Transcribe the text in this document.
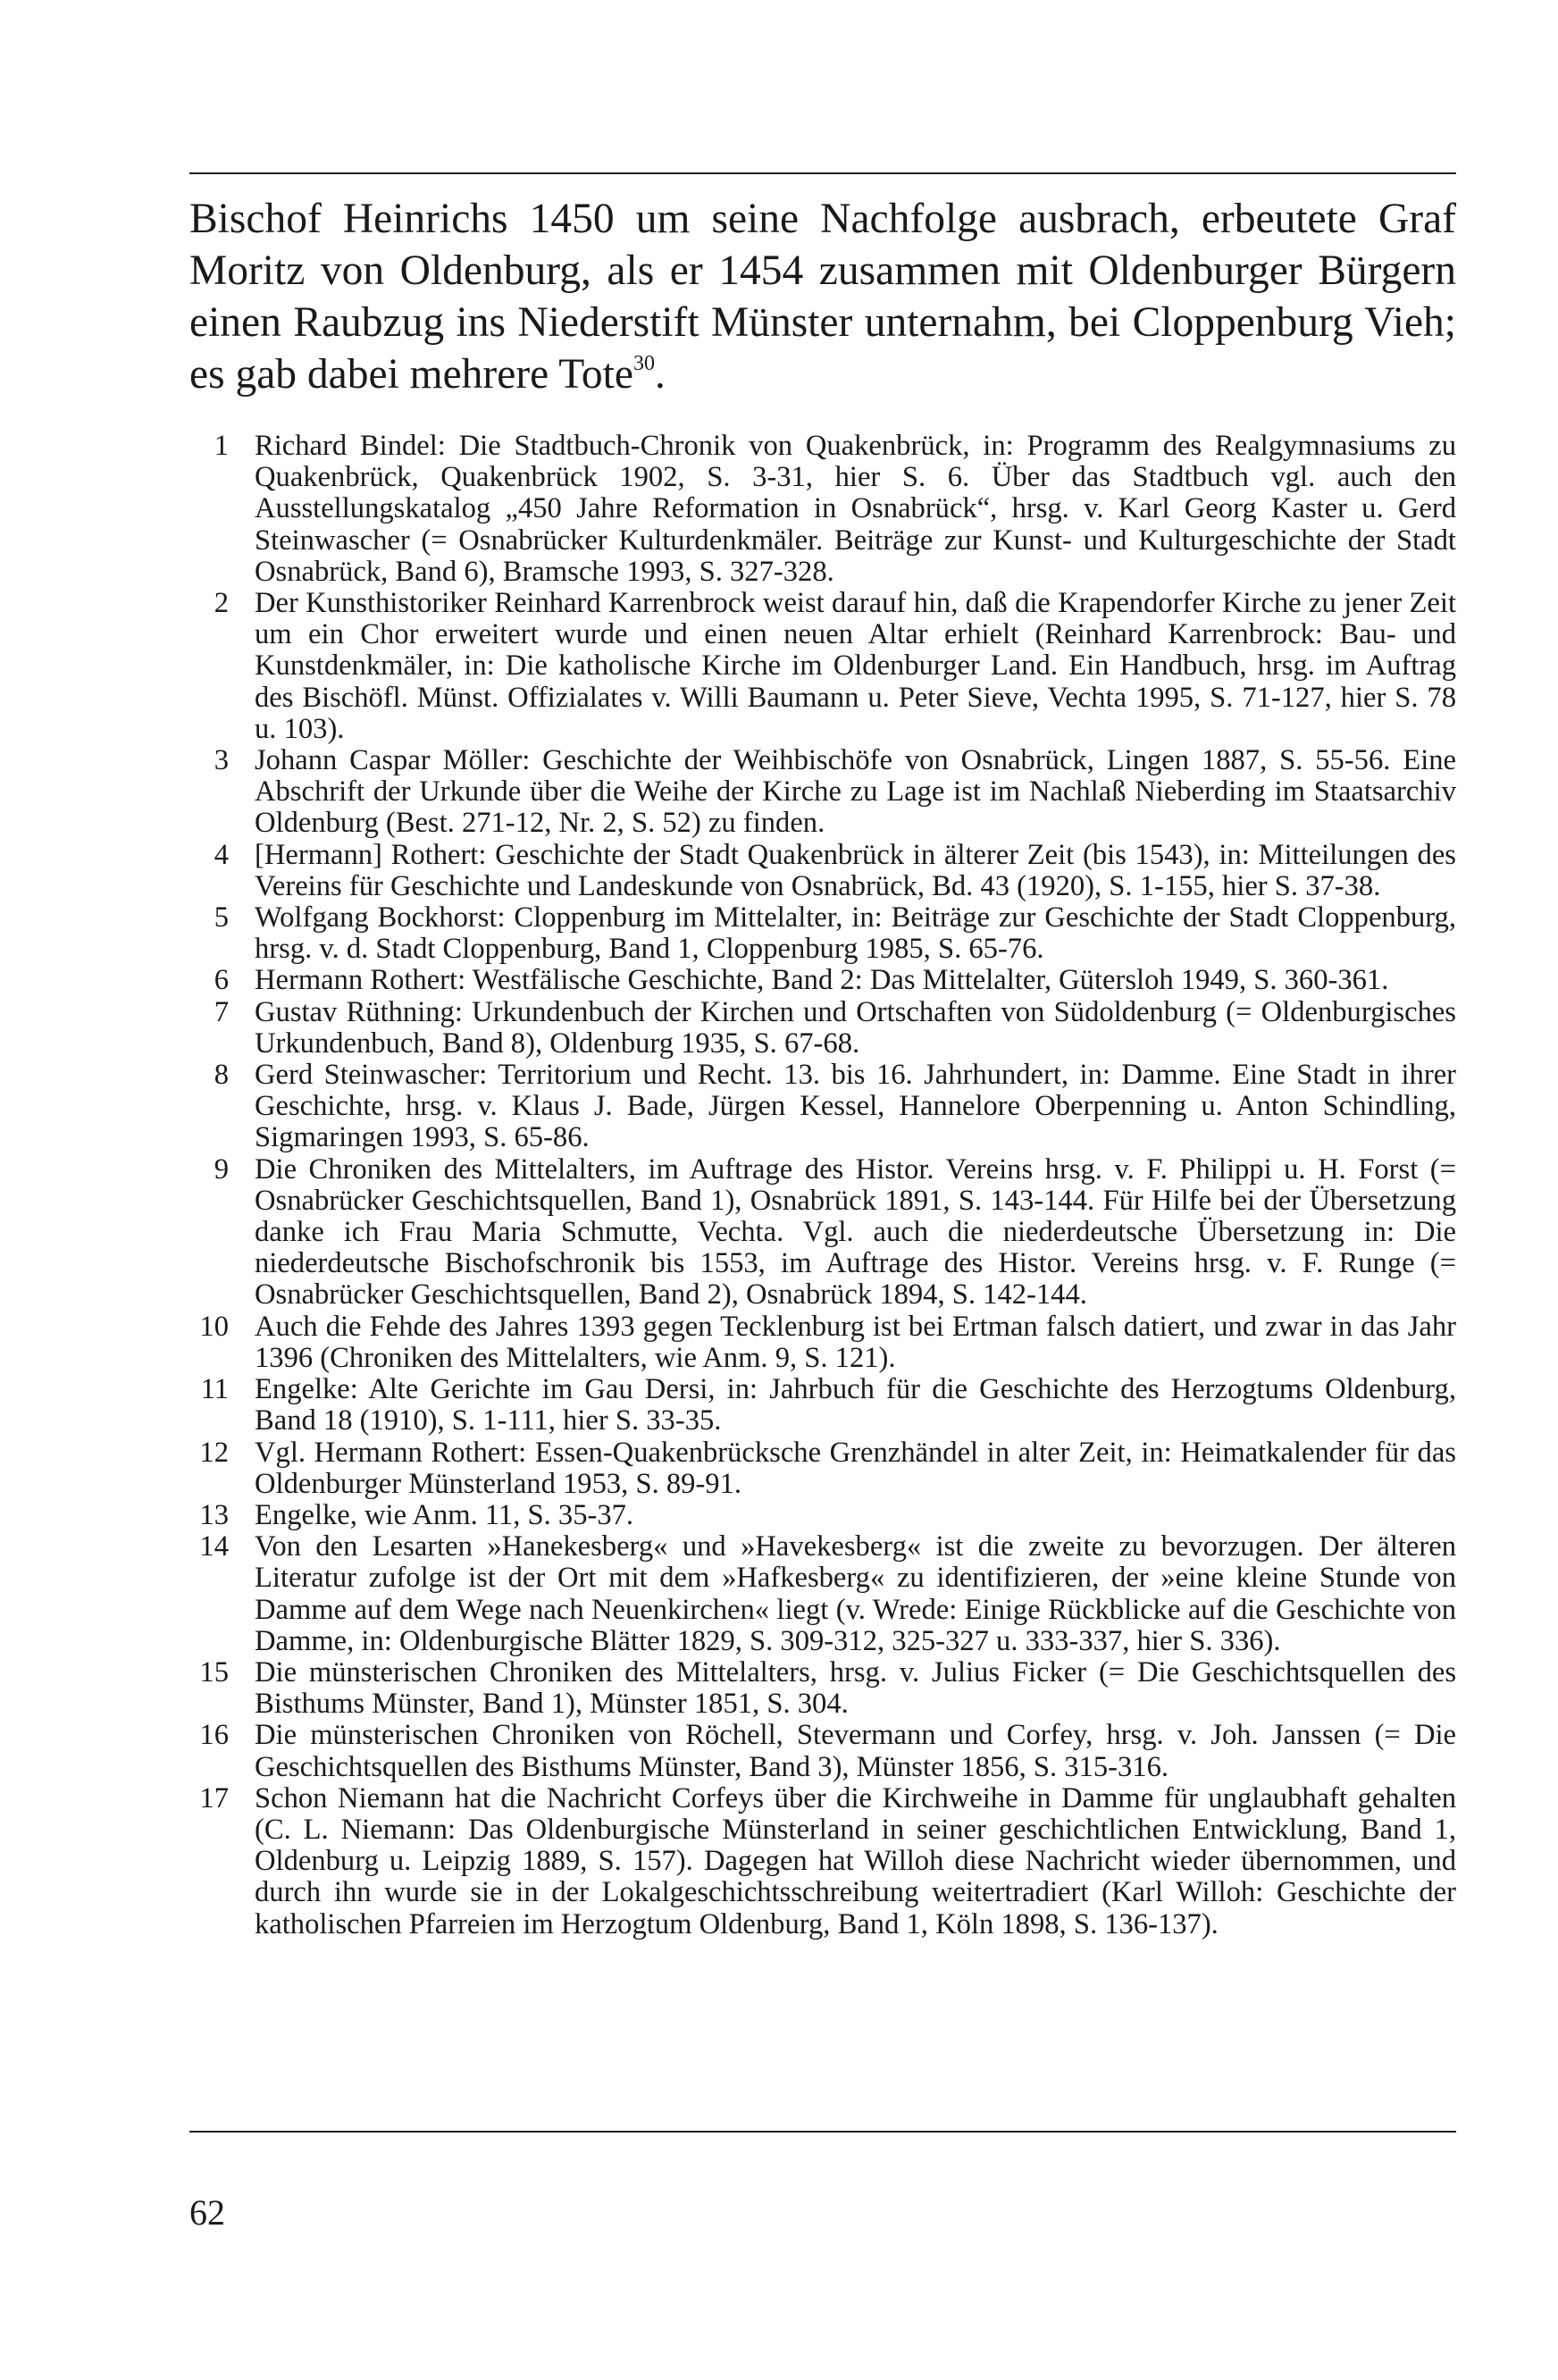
Bischof Heinrichs 1450 um seine Nachfolge ausbrach, erbeutete Graf Moritz von Oldenburg, als er 1454 zusammen mit Oldenburger Bürgern einen Raubzug ins Niederstift Münster unternahm, bei Cloppenburg Vieh; es gab dabei mehrere Tote$^{30}$.

1 Richard Bindel: Die Stadtbuch-Chronik von Quakenbrück, in: Programm des Realgymnasiums zu Quakenbrück, Quakenbrück 1902, S. 3-31, hier S. 6. Über das Stadtbuch vgl. auch den Ausstellungskatalog „450 Jahre Reformation in Osnabrück“, hrsg. v. Karl Georg Kaster u. Gerd Steinwascher (= Osnabrücker Kulturdenkmäler. Beiträge zur Kunst- und Kulturgeschichte der Stadt Osnabrück, Band 6), Bramsche 1993, S. 327-328.
2 Der Kunsthistoriker Reinhard Karrenbrock weist darauf hin, daß die Krapendorfer Kirche zu jener Zeit um ein Chor erweitert wurde und einen neuen Altar erhielt (Reinhard Karrenbrock: Bau- und Kunstdenkmäler, in: Die katholische Kirche im Oldenburger Land. Ein Handbuch, hrsg. im Auftrag des Bischöfl. Münst. Offizialates v. Willi Baumann u. Peter Sieve, Vechta 1995, S. 71-127, hier S. 78 u. 103).
3 Johann Caspar Möller: Geschichte der Weihbischöfe von Osnabrück, Lingen 1887, S. 55-56. Eine Abschrift der Urkunde über die Weihe der Kirche zu Lage ist im Nachlaß Nieberding im Staatsarchiv Oldenburg (Best. 271-12, Nr. 2, S. 52) zu finden.
4 [Hermann] Rothert: Geschichte der Stadt Quakenbrück in älterer Zeit (bis 1543), in: Mitteilungen des Vereins für Geschichte und Landeskunde von Osnabrück, Bd. 43 (1920), S. 1-155, hier S. 37-38.
5 Wolfgang Bockhorst: Cloppenburg im Mittelalter, in: Beiträge zur Geschichte der Stadt Cloppenburg, hrsg. v. d. Stadt Cloppenburg, Band 1, Cloppenburg 1985, S. 65-76.
6 Hermann Rothert: Westfälische Geschichte, Band 2: Das Mittelalter, Gütersloh 1949, S. 360-361.
7 Gustav Rüthning: Urkundenbuch der Kirchen und Ortschaften von Südoldenburg (= Oldenburgisches Urkundenbuch, Band 8), Oldenburg 1935, S. 67-68.
8 Gerd Steinwascher: Territorium und Recht. 13. bis 16. Jahrhundert, in: Damme. Eine Stadt in ihrer Geschichte, hrsg. v. Klaus J. Bade, Jürgen Kessel, Hannelore Oberpenning u. Anton Schindling, Sigmaringen 1993, S. 65-86.
9 Die Chroniken des Mittelalters, im Auftrage des Histor. Vereins hrsg. v. F. Philippi u. H. Forst (= Osnabrücker Geschichtsquellen, Band 1), Osnabrück 1891, S. 143-144. Für Hilfe bei der Übersetzung danke ich Frau Maria Schmutte, Vechta. Vgl. auch die niederdeutsche Übersetzung in: Die niederdeutsche Bischofschronik bis 1553, im Auftrage des Histor. Vereins hrsg. v. F. Runge (= Osnabrücker Geschichtsquellen, Band 2), Osnabrück 1894, S. 142-144.
10 Auch die Fehde des Jahres 1393 gegen Tecklenburg ist bei Ertman falsch datiert, und zwar in das Jahr 1396 (Chroniken des Mittelalters, wie Anm. 9, S. 121).
11 Engelke: Alte Gerichte im Gau Dersi, in: Jahrbuch für die Geschichte des Herzogtums Oldenburg, Band 18 (1910), S. 1-111, hier S. 33-35.
12 Vgl. Hermann Rothert: Essen-Quakenbrücksche Grenzhändel in alter Zeit, in: Heimatkalender für das Oldenburger Münsterland 1953, S. 89-91.
13 Engelke, wie Anm. 11, S. 35-37.
14 Von den Lesarten »Hanekesberg« und »Havekesberg« ist die zweite zu bevorzugen. Der älteren Literatur zufolge ist der Ort mit dem »Hafkesberg« zu identifizieren, der »eine kleine Stunde von Damme auf dem Wege nach Neuenkirchen« liegt (v. Wrede: Einige Rückblicke auf die Geschichte von Damme, in: Oldenburgische Blätter 1829, S. 309-312, 325-327 u. 333-337, hier S. 336).
15 Die münsterischen Chroniken des Mittelalters, hrsg. v. Julius Ficker (= Die Geschichtsquellen des Bisthums Münster, Band 1), Münster 1851, S. 304.
16 Die münsterischen Chroniken von Röchell, Stevermann und Corfey, hrsg. v. Joh. Janssen (= Die Geschichtsquellen des Bisthums Münster, Band 3), Münster 1856, S. 315-316.
17 Schon Niemann hat die Nachricht Corfeys über die Kirchweihe in Damme für unglaubhaft gehalten (C. L. Niemann: Das Oldenburgische Münsterland in seiner geschichtlichen Entwicklung, Band 1, Oldenburg u. Leipzig 1889, S. 157). Dagegen hat Willoh diese Nachricht wieder übernommen, und durch ihn wurde sie in der Lokalgeschichtsschreibung weitertradiert (Karl Willoh: Geschichte der katholischen Pfarreien im Herzogtum Oldenburg, Band 1, Köln 1898, S. 136-137).
62
